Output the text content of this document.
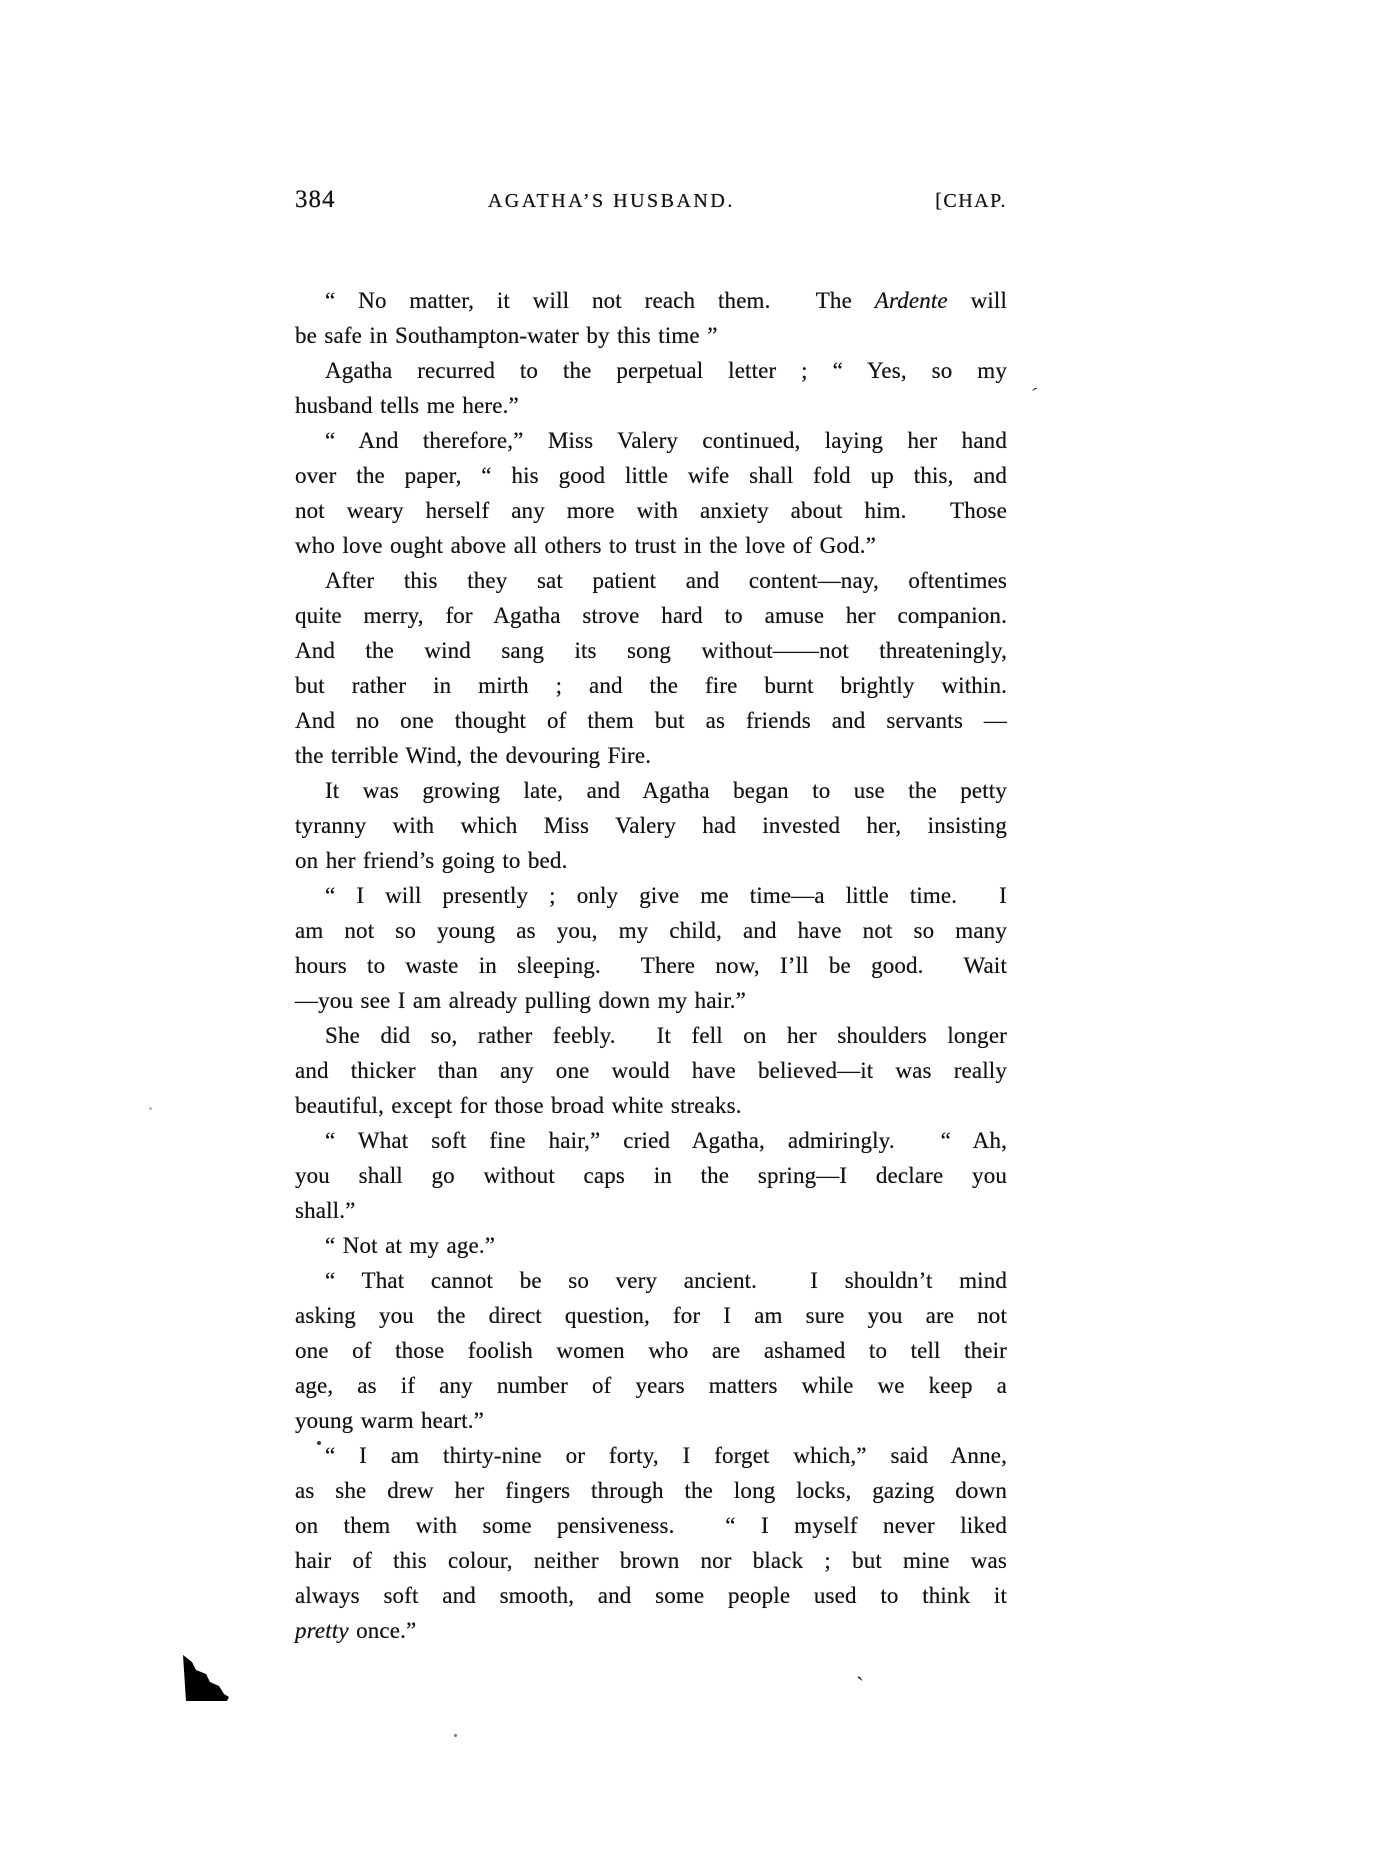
384	AGATHA’S HUSBAND.	[CHAP.
“ No matter, it will not reach them.  The Ardente will
be safe in Southampton-water by this time ”
Agatha recurred to the perpetual letter ; “ Yes, so my
husband tells me here.”
“ And therefore,” Miss Valery continued, laying her hand
over the paper, “ his good little wife shall fold up this, and
not weary herself any more with anxiety about him.  Those
who love ought above all others to trust in the love of God.”
After this they sat patient and content—nay, oftentimes
quite merry, for Agatha strove hard to amuse her companion.
And the wind sang its song without——not threateningly,
but rather in mirth ; and the fire burnt brightly within.
And no one thought of them but as friends and servants —
the terrible Wind, the devouring Fire.
It was growing late, and Agatha began to use the petty
tyranny with which Miss Valery had invested her, insisting
on her friend’s going to bed.
“ I will presently ; only give me time—a little time.  I
am not so young as you, my child, and have not so many
hours to waste in sleeping.  There now, I’ll be good.  Wait
—you see I am already pulling down my hair.”
She did so, rather feebly.  It fell on her shoulders longer
and thicker than any one would have believed—it was really
beautiful, except for those broad white streaks.
“ What soft fine hair,” cried Agatha, admiringly.  “ Ah,
you shall go without caps in the spring—I declare you
shall.”
“ Not at my age.”
“ That cannot be so very ancient.  I shouldn’t mind
asking you the direct question, for I am sure you are not
one of those foolish women who are ashamed to tell their
age, as if any number of years matters while we keep a
young warm heart.”
“ I am thirty-nine or forty, I forget which,” said Anne,
as she drew her fingers through the long locks, gazing down
on them with some pensiveness.  “ I myself never liked
hair of this colour, neither brown nor black ; but mine was
always soft and smooth, and some people used to think it
pretty once.”
´
`
